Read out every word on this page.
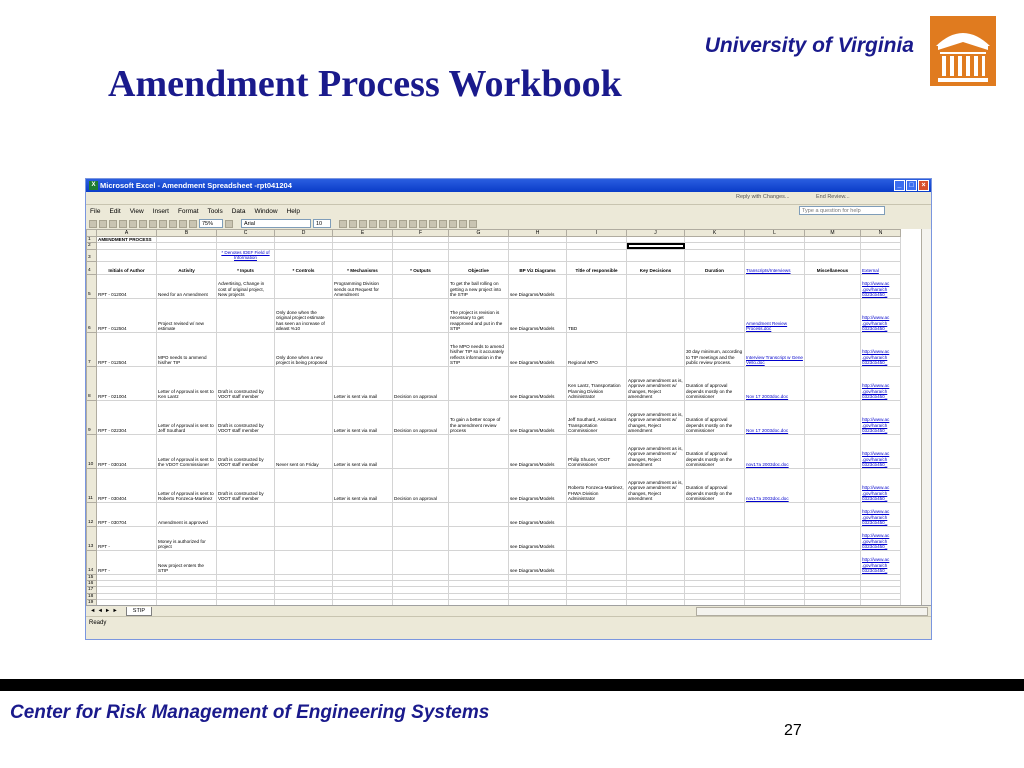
University of Virginia
Amendment Process Workbook
X Microsoft Excel - Amendment Spreadsheet -rpt041204	_	□	×
Reply with Changes...	End Review...
File Edit View Insert Format Tools Data Window Help	Type a question for help
75%	Arial	10
	A	B	C	D	E	F	G	H	I	J	K	L	M	N
1	AMENDMENT PROCESS													
2														
3			* Denotes IDEF Field of Information											
4	Initials of Author	Activity	* Inputs	* Controls	* Mechanisms	* Outputs	Objective	BP Viz Diagrams	Title of responsible	Key Decisions	Duration	Transcripts/Interviews	Miscellaneous	External
5	RPT - 012004	Need for an Amendment	Advertising, Change in cost of original project, New projects		Programming Division sends out Request for Amendment		To get the ball rolling on getting a new project into the STIP	see Diagrams/Models						http://www.ac .gov/hara/ch 0323cb450_
6	RPT - 012504	Project revised w/ new estimate		Only done when the original project estimate has seen an increase of atleast %10			The project is revision is necessary to get reapproved and put in the STIP	see Diagrams/Models	TBD			Amendment Review Process.doc		http://www.ac .gov/hara/ch 0323cb450_
7	RPT - 012504	MPO needs to ammend his/her TIP		Only done when a new project is being proposed			The MPO needs to amend his/her TIP so it accurately reflects information in the STIP	see Diagrams/Models	Regional MPO		30 day minimum, according to TIP meetings and the public review process.	Interview Transcript w Gene Vello.doc		http://www.ac .gov/hara/ch 0323cb450_
8	RPT - 021004	Letter of Approval is sent to Ken Lantz	Draft is constructed by VDOT staff member		Letter is sent via mail	Decision on approval		see Diagrams/Models	Ken Lantz, Transportation Planning Division Administrator	Approve amendment as is, Approve amendment w/ changes, Reject amendment	Duration of approval depends mostly on the commissioner	Nov 17 2003doc.doc		http://www.ac .gov/hara/ch 0323cb450_
9	RPT - 022304	Letter of Approval is sent to Jeff Southard	Draft is constructed by VDOT staff member		Letter is sent via mail	Decision on approval	To gain a better scope of the amendment review process	see Diagrams/Models	Jeff Southard, Assistant Transportation Commissioner	Approve amendment as is, Approve amendment w/ changes, Reject amendment	Duration of approval depends mostly on the commissioner	Nov 17 2003doc.doc		http://www.ac .gov/hara/ch 0323cb450_
10	RPT - 030104	Letter of Approval is sent to the VDOT Commissioner	Draft is constructed by VDOT staff member	Never sent on Friday	Letter is sent via mail			see Diagrams/Models	Philip Shucet, VDOT Commissioner	Approve amendment as is, Approve amendment w/ changes, Reject amendment	Duration of approval depends mostly on the commissioner	nov17a 2003doc.doc		http://www.ac .gov/hara/ch 0323cb450_
11	RPT - 030404	Letter of Approval is sent to Roberto Fonzeca-Martinez	Draft is constructed by VDOT staff member		Letter is sent via mail	Decision on approval		see Diagrams/Models	Roberto Fonzeca-Martinez, FHWA Division Administrator	Approve amendment as is, Approve amendment w/ changes, Reject amendment	Duration of approval depends mostly on the commissioner	nov17a 2003doc.doc		http://www.ac .gov/hara/ch 0323cb450_
12	RPT - 030704	Amendment is approved						see Diagrams/Models						http://www.ac .gov/hara/ch 0323cb450_
13	RPT -	Money is authorized for project						see Diagrams/Models						http://www.ac .gov/hara/ch 0323cb450_
14	RPT -	New project enters the STIP						see Diagrams/Models						http://www.ac .gov/hara/ch 0323cb450_
15														
16														
17														
18														
19														

◄◄►►	STIP
Ready
Center for Risk Management of Engineering Systems
27
